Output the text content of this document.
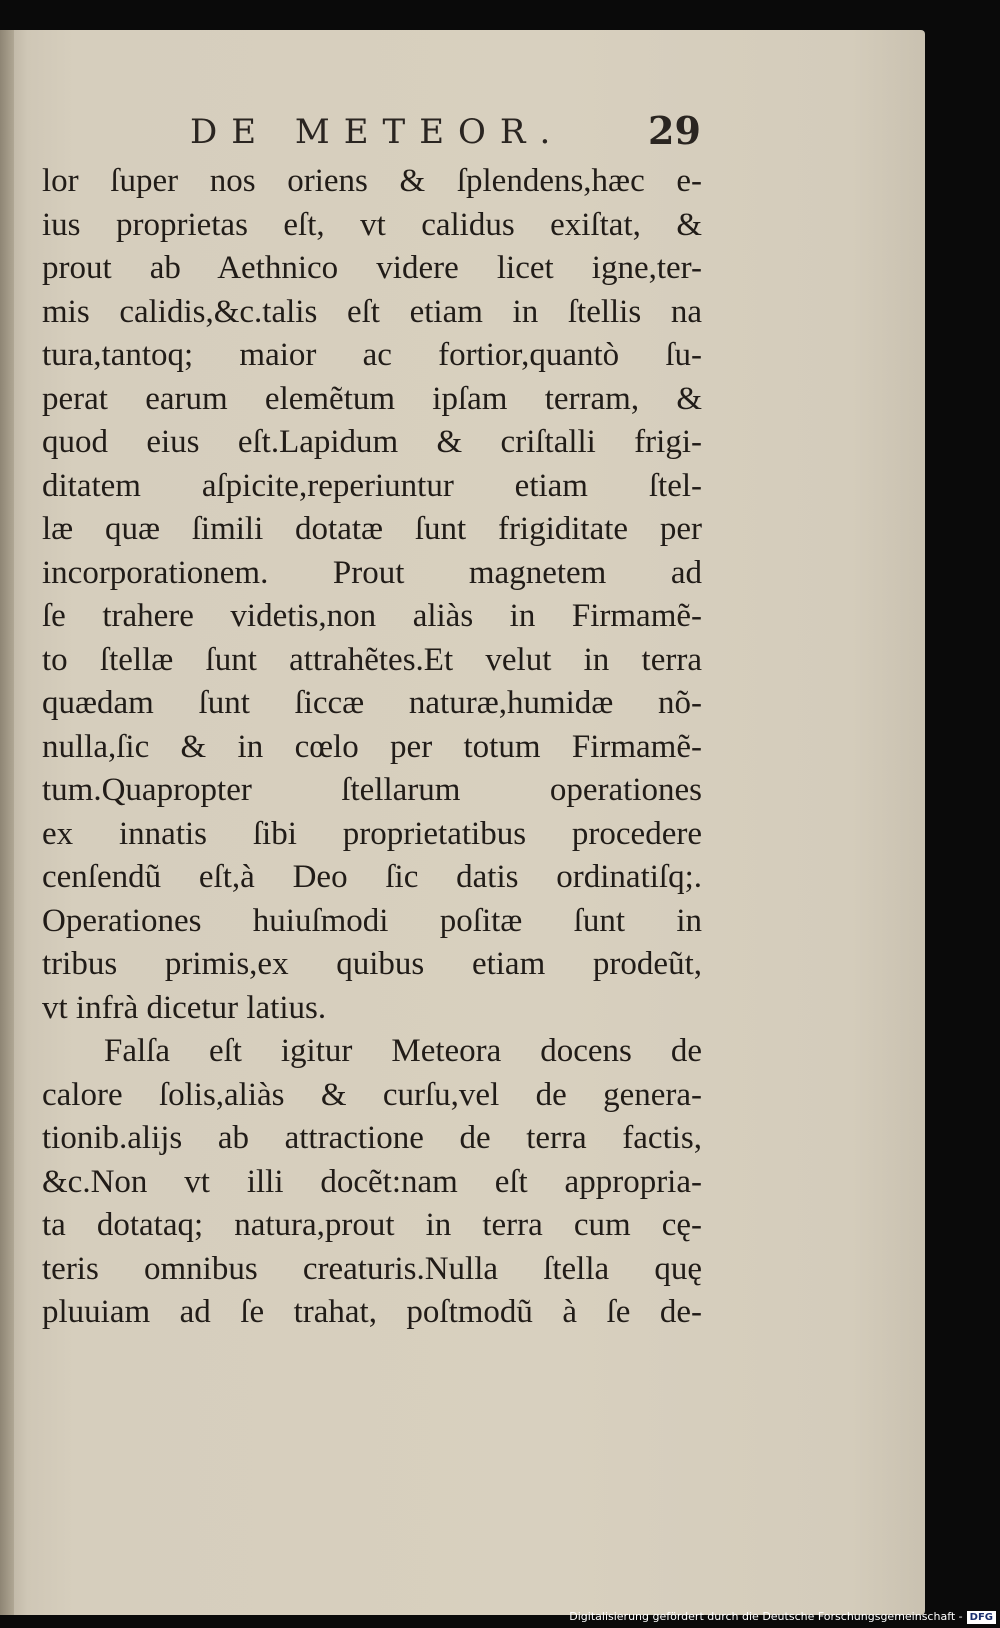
DE METEOR.	29
lor ſuper nos oriens & ſplendens,hæc e-
ius proprietas eſt, vt calidus exiſtat, &
prout ab Aethnico videre licet igne,ter-
mis calidis,&c.talis eſt etiam in ſtellis na
tura,tantoq; maior ac fortior,quantò ſu-
perat earum elemẽtum ipſam terram, &
quod eius eſt.Lapidum & criſtalli frigi-
ditatem aſpicite,reperiuntur etiam ſtel-
læ quæ ſimili dotatæ ſunt frigiditate per
incorporationem. Prout magnetem ad
ſe trahere videtis,non aliàs in Firmamẽ-
to ſtellæ ſunt attrahẽtes.Et velut in terra
quædam ſunt ſiccæ naturæ,humidæ nõ-
nulla,ſic & in cœlo per totum Firmamẽ-
tum.Quapropter ſtellarum operationes
ex innatis ſibi proprietatibus procedere
cenſendũ eſt,à Deo ſic datis ordinatiſq;.
Operationes huiuſmodi poſitæ ſunt in
tribus primis,ex quibus etiam prodeũt,
vt infrà dicetur latius.
Falſa eſt igitur Meteora docens de
calore ſolis,aliàs & curſu,vel de genera-
tionib.alijs ab attractione de terra factis,
&c.Non vt illi docẽt:nam eſt appropria-
ta dotataq; natura,prout in terra cum cę-
teris omnibus creaturis.Nulla ſtella quę
pluuiam ad ſe trahat, poſtmodũ à ſe de-
Digitalisierung gefördert durch die Deutsche Forschungsgemeinschaft - DFG
